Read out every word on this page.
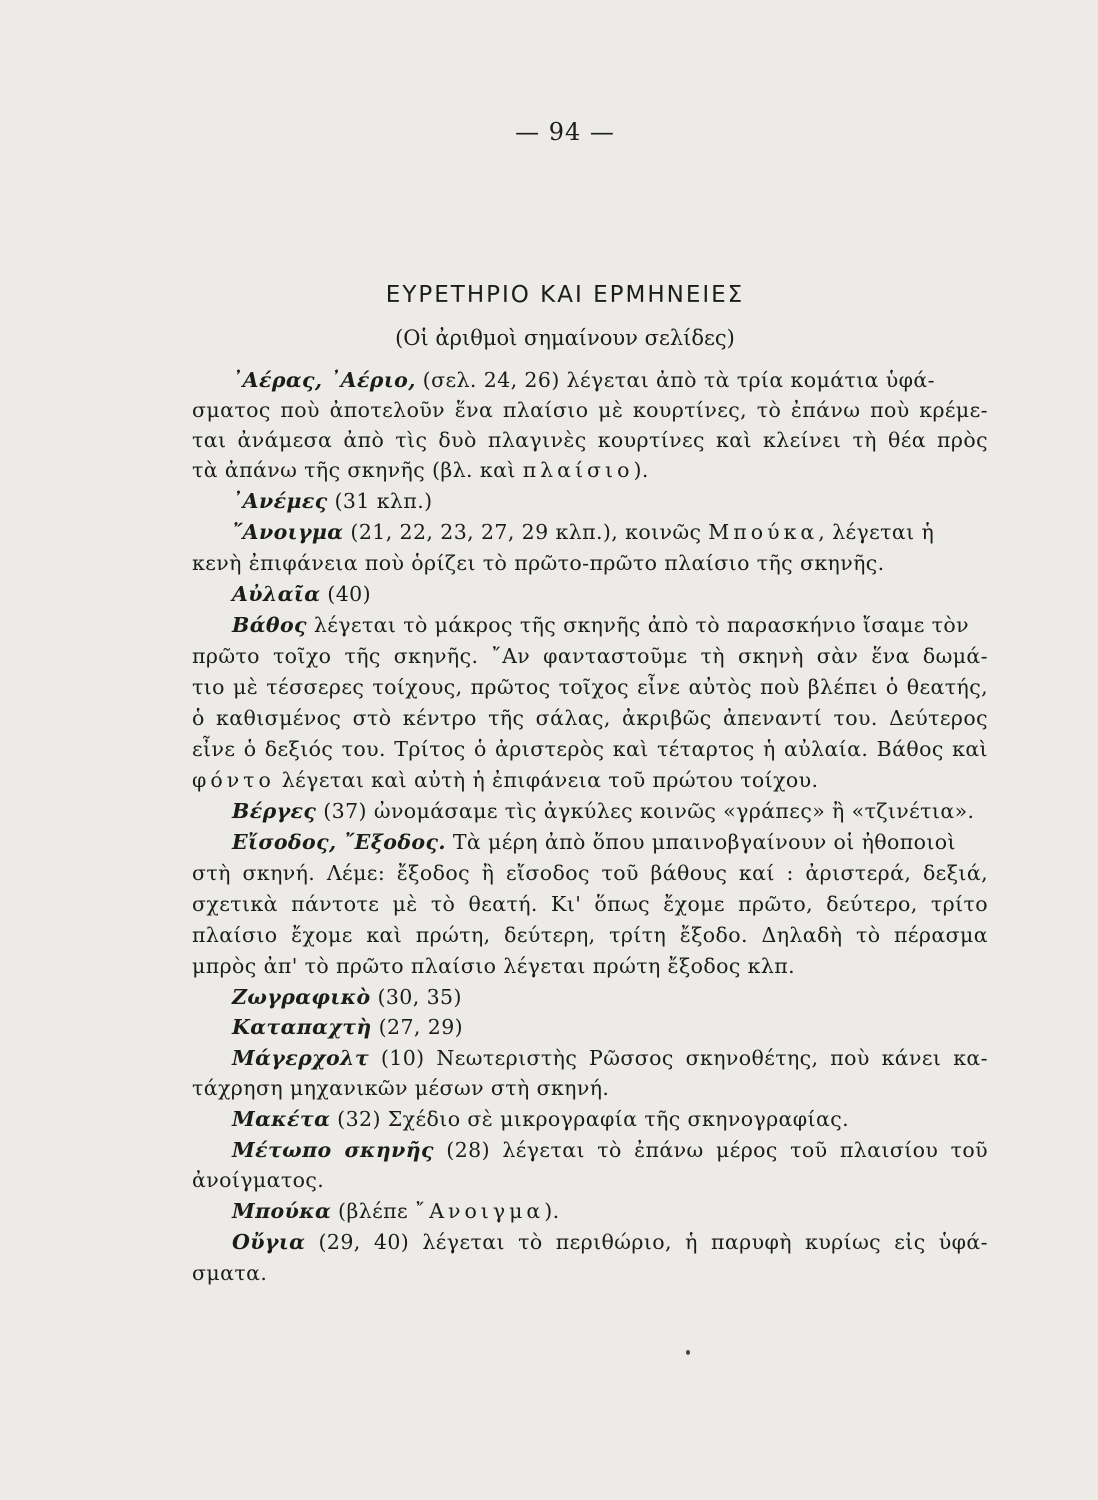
— 94 —
ΕΥΡΕΤΗΡΙΟ ΚΑΙ ΕΡΜΗΝΕΙΕΣ
(Οἱ ἀριθμοὶ σημαίνουν σελίδες)
᾿Αέρας, ᾿Αέριο, (σελ. 24, 26) λέγεται ἀπὸ τὰ τρία κομάτια ὑφά-
σματος ποὺ ἀποτελοῦν ἕνα πλαίσιο μὲ κουρτίνες, τὸ ἐπάνω ποὺ κρέμε-
ται ἀνάμεσα ἀπὸ τὶς δυὸ πλαγινὲς κουρτίνες καὶ κλείνει τὴ θέα πρὸς
τὰ ἀπάνω τῆς σκηνῆς (βλ. καὶ πλαίσιο).
᾿Ανέμες (31 κλπ.)
῎Ανοιγμα (21, 22, 23, 27, 29 κλπ.), κοινῶς Μπούκα, λέγεται ἡ
κενὴ ἐπιφάνεια ποὺ ὁρίζει τὸ πρῶτο-πρῶτο πλαίσιο τῆς σκηνῆς.
Αὐλαῖα (40)
Βάθος λέγεται τὸ μάκρος τῆς σκηνῆς ἀπὸ τὸ παρασκήνιο ἴσαμε τὸν
πρῶτο τοῖχο τῆς σκηνῆς. ῎Αν φανταστοῦμε τὴ σκηνὴ σὰν ἕνα δωμά-
τιο μὲ τέσσερες τοίχους, πρῶτος τοῖχος εἶνε αὐτὸς ποὺ βλέπει ὁ θεατής,
ὁ καθισμένος στὸ κέντρο τῆς σάλας, ἀκριβῶς ἀπεναντί του. Δεύτερος
εἶνε ὁ δεξιός του. Τρίτος ὁ ἀριστερὸς καὶ τέταρτος ἡ αὐλαία. Βάθος καὶ
φόντο λέγεται καὶ αὐτὴ ἡ ἐπιφάνεια τοῦ πρώτου τοίχου.
Βέργες (37) ὠνομάσαμε τὶς ἀγκύλες κοινῶς «γράπες» ἢ «τζινέτια».
Εἴσοδος, ῎Εξοδος. Τὰ μέρη ἀπὸ ὅπου μπαινοβγαίνουν οἱ ἠθοποιοὶ
στὴ σκηνή. Λέμε: ἔξοδος ἢ εἴσοδος τοῦ βάθους καί : ἀριστερά, δεξιά,
σχετικὰ πάντοτε μὲ τὸ θεατή. Κι' ὅπως ἔχομε πρῶτο, δεύτερο, τρίτο
πλαίσιο ἔχομε καὶ πρώτη, δεύτερη, τρίτη ἔξοδο. Δηλαδὴ τὸ πέρασμα
μπρὸς ἀπ' τὸ πρῶτο πλαίσιο λέγεται πρώτη ἔξοδος κλπ.
Ζωγραφικὸ (30, 35)
Καταπαχτὴ (27, 29)
Μάγερχολτ (10) Νεωτεριστὴς Ρῶσσος σκηνοθέτης, ποὺ κάνει κα-
τάχρηση μηχανικῶν μέσων στὴ σκηνή.
Μακέτα (32) Σχέδιο σὲ μικρογραφία τῆς σκηνογραφίας.
Μέτωπο σκηνῆς (28) λέγεται τὸ ἐπάνω μέρος τοῦ πλαισίου τοῦ
ἀνοίγματος.
Μπούκα (βλέπε ῎Ανοιγμα).
Οὔγια (29, 40) λέγεται τὸ περιθώριο, ἡ παρυφὴ κυρίως εἰς ὑφά-
σματα.
